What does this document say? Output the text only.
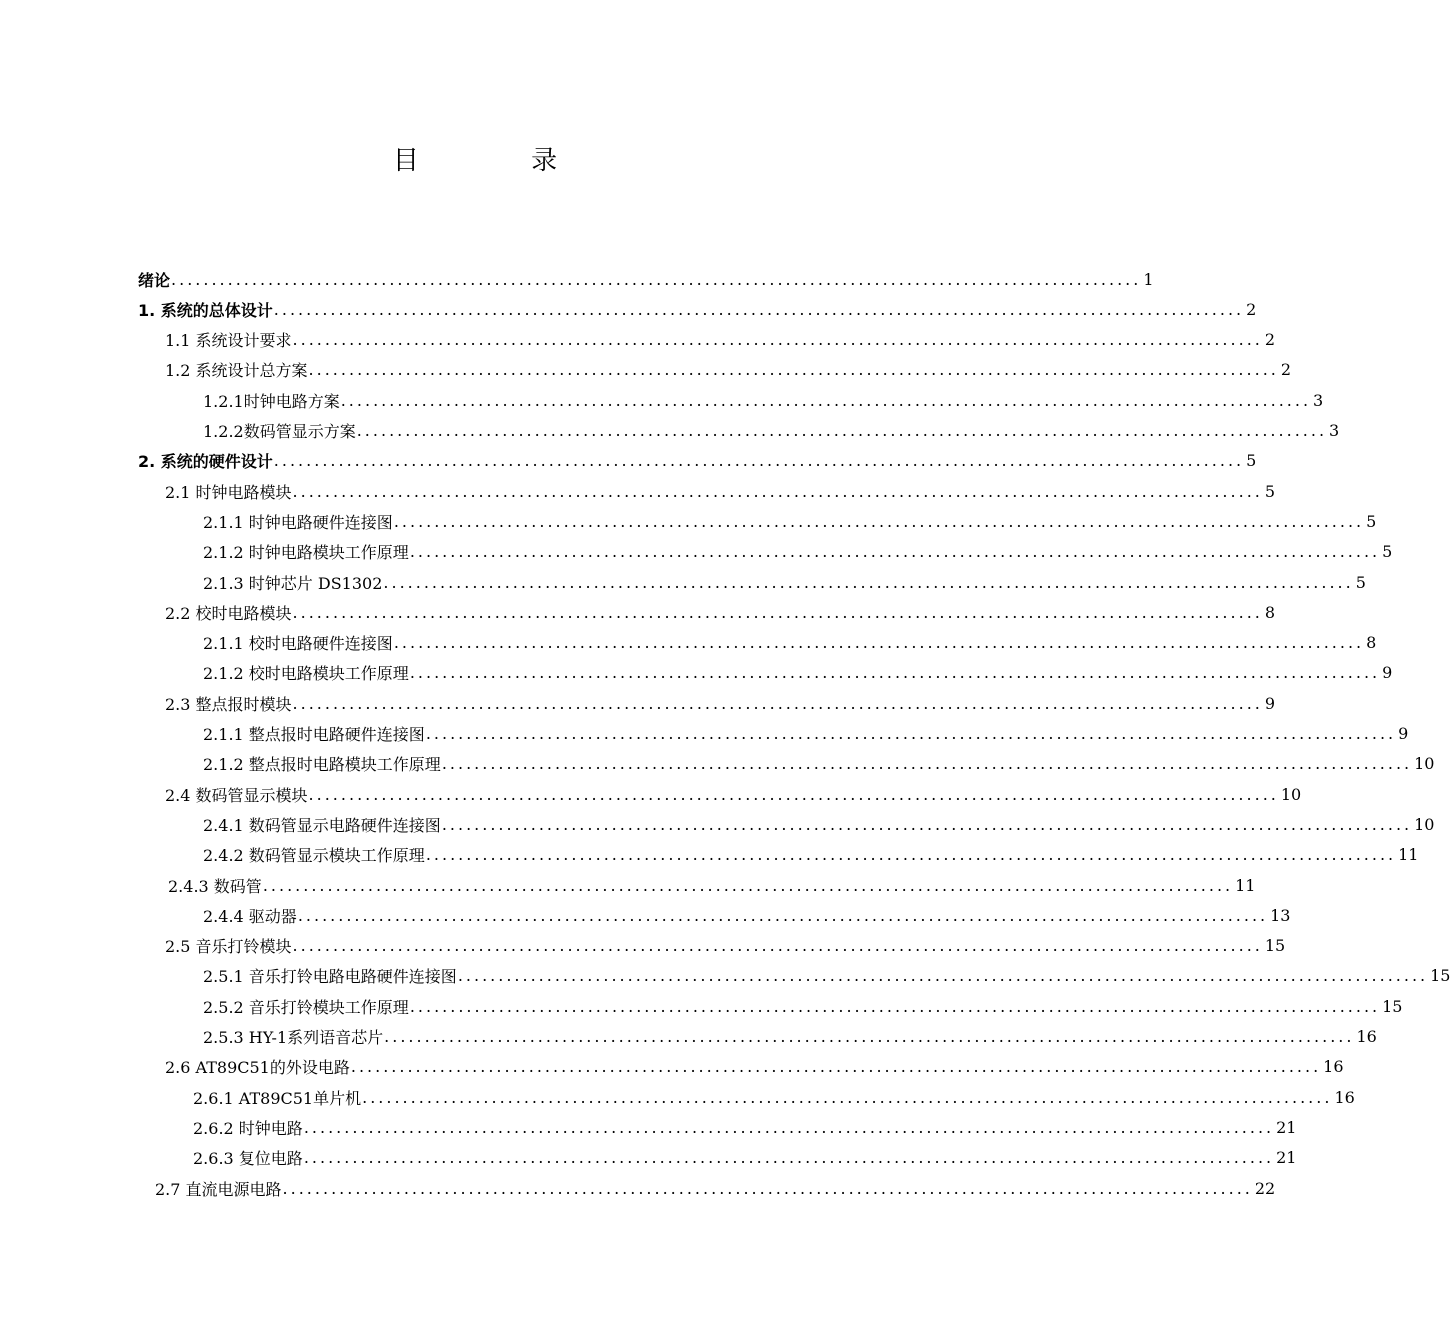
目 录
绪论 ........................................................................................................................ 1
1. 系统的总体设计 ........................................................................................................................ 2
1.1 系统设计要求 ........................................................................................................................ 2
1.2 系统设计总方案 ........................................................................................................................ 2
1.2.1时钟电路方案 ........................................................................................................................ 3
1.2.2数码管显示方案 ........................................................................................................................ 3
2. 系统的硬件设计 ........................................................................................................................ 5
2.1 时钟电路模块 ........................................................................................................................ 5
2.1.1 时钟电路硬件连接图 ........................................................................................................................ 5
2.1.2 时钟电路模块工作原理 ........................................................................................................................ 5
2.1.3 时钟芯片 DS1302 ........................................................................................................................ 5
2.2 校时电路模块 ........................................................................................................................ 8
2.1.1 校时电路硬件连接图 ........................................................................................................................ 8
2.1.2 校时电路模块工作原理 ........................................................................................................................ 9
2.3 整点报时模块 ........................................................................................................................ 9
2.1.1 整点报时电路硬件连接图 ........................................................................................................................ 9
2.1.2 整点报时电路模块工作原理 ........................................................................................................................ 10
2.4 数码管显示模块 ........................................................................................................................ 10
2.4.1 数码管显示电路硬件连接图 ........................................................................................................................ 10
2.4.2 数码管显示模块工作原理 ........................................................................................................................ 11
2.4.3 数码管 ........................................................................................................................ 11
2.4.4 驱动器 ........................................................................................................................ 13
2.5 音乐打铃模块 ........................................................................................................................ 15
2.5.1 音乐打铃电路电路硬件连接图 ........................................................................................................................ 15
2.5.2 音乐打铃模块工作原理 ........................................................................................................................ 15
2.5.3 HY-1系列语音芯片 ........................................................................................................................ 16
2.6 AT89C51的外设电路 ........................................................................................................................ 16
2.6.1 AT89C51单片机 ........................................................................................................................ 16
2.6.2 时钟电路 ........................................................................................................................ 21
2.6.3 复位电路 ........................................................................................................................ 21
2.7 直流电源电路 ........................................................................................................................ 22
